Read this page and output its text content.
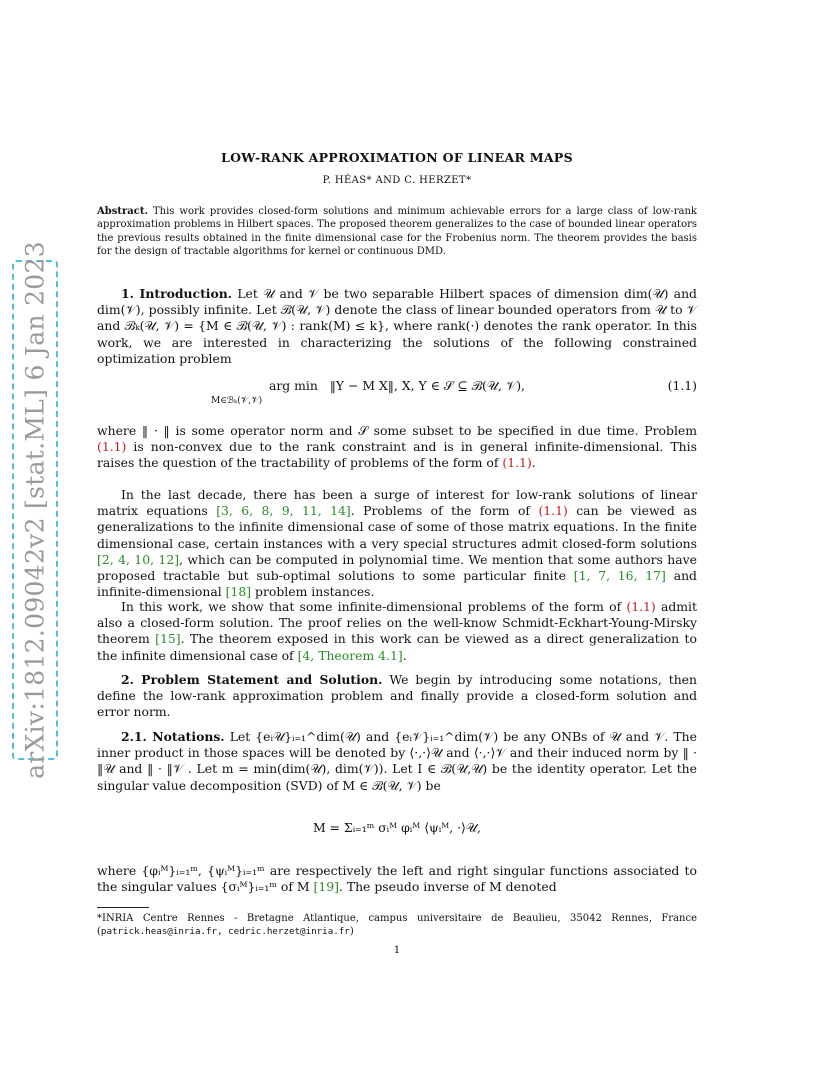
arXiv:1812.09042v2 [stat.ML] 6 Jan 2023
LOW-RANK APPROXIMATION OF LINEAR MAPS
P. HÉAS* AND C. HERZET*
Abstract. This work provides closed-form solutions and minimum achievable errors for a large class of low-rank approximation problems in Hilbert spaces. The proposed theorem generalizes to the case of bounded linear operators the previous results obtained in the finite dimensional case for the Frobenius norm. The theorem provides the basis for the design of tractable algorithms for kernel or continuous DMD.
1. Introduction. Let 𝒰 and 𝒱 be two separable Hilbert spaces of dimension dim(𝒰) and dim(𝒱), possibly infinite. Let ℬ(𝒰, 𝒱) denote the class of linear bounded operators from 𝒰 to 𝒱 and ℬₖ(𝒰, 𝒱) = {M ∈ ℬ(𝒰, 𝒱) : rank(M) ≤ k}, where rank(·) denotes the rank operator. In this work, we are interested in characterizing the solutions of the following constrained optimization problem
arg min ‖Y − M X‖, X, Y ∈ 𝒮 ⊆ ℬ(𝒰, 𝒱),
M∈ℬₖ(𝒱,𝒱)
(1.1)
where ‖ · ‖ is some operator norm and 𝒮 some subset to be specified in due time. Problem (1.1) is non-convex due to the rank constraint and is in general infinite-dimensional. This raises the question of the tractability of problems of the form of (1.1).
In the last decade, there has been a surge of interest for low-rank solutions of linear matrix equations [3, 6, 8, 9, 11, 14]. Problems of the form of (1.1) can be viewed as generalizations to the infinite dimensional case of some of those matrix equations. In the finite dimensional case, certain instances with a very special structures admit closed-form solutions [2, 4, 10, 12], which can be computed in polynomial time. We mention that some authors have proposed tractable but sub-optimal solutions to some particular finite [1, 7, 16, 17] and infinite-dimensional [18] problem instances.
In this work, we show that some infinite-dimensional problems of the form of (1.1) admit also a closed-form solution. The proof relies on the well-know Schmidt-Eckhart-Young-Mirsky theorem [15]. The theorem exposed in this work can be viewed as a direct generalization to the infinite dimensional case of [4, Theorem 4.1].
2. Problem Statement and Solution. We begin by introducing some notations, then define the low-rank approximation problem and finally provide a closed-form solution and error norm.
2.1. Notations. Let {eᵢ𝒰}ᵢ₌₁^dim(𝒰) and {eᵢ𝒱}ᵢ₌₁^dim(𝒱) be any ONBs of 𝒰 and 𝒱. The inner product in those spaces will be denoted by ⟨·,·⟩𝒰 and ⟨·,·⟩𝒱 and their induced norm by ‖ · ‖𝒰 and ‖ · ‖𝒱 . Let m = min(dim(𝒰), dim(𝒱)). Let I ∈ ℬ(𝒰,𝒰) be the identity operator. Let the singular value decomposition (SVD) of M ∈ ℬ(𝒰, 𝒱) be
M = Σᵢ₌₁ᵐ σᵢᴹ φᵢᴹ ⟨ψᵢᴹ, ·⟩𝒰,
where {φᵢᴹ}ᵢ₌₁ᵐ, {ψᵢᴹ}ᵢ₌₁ᵐ are respectively the left and right singular functions associated to the singular values {σᵢᴹ}ᵢ₌₁ᵐ of M [19]. The pseudo inverse of M denoted
*INRIA Centre Rennes - Bretagne Atlantique, campus universitaire de Beaulieu, 35042 Rennes, France (patrick.heas@inria.fr, cedric.herzet@inria.fr)
1
